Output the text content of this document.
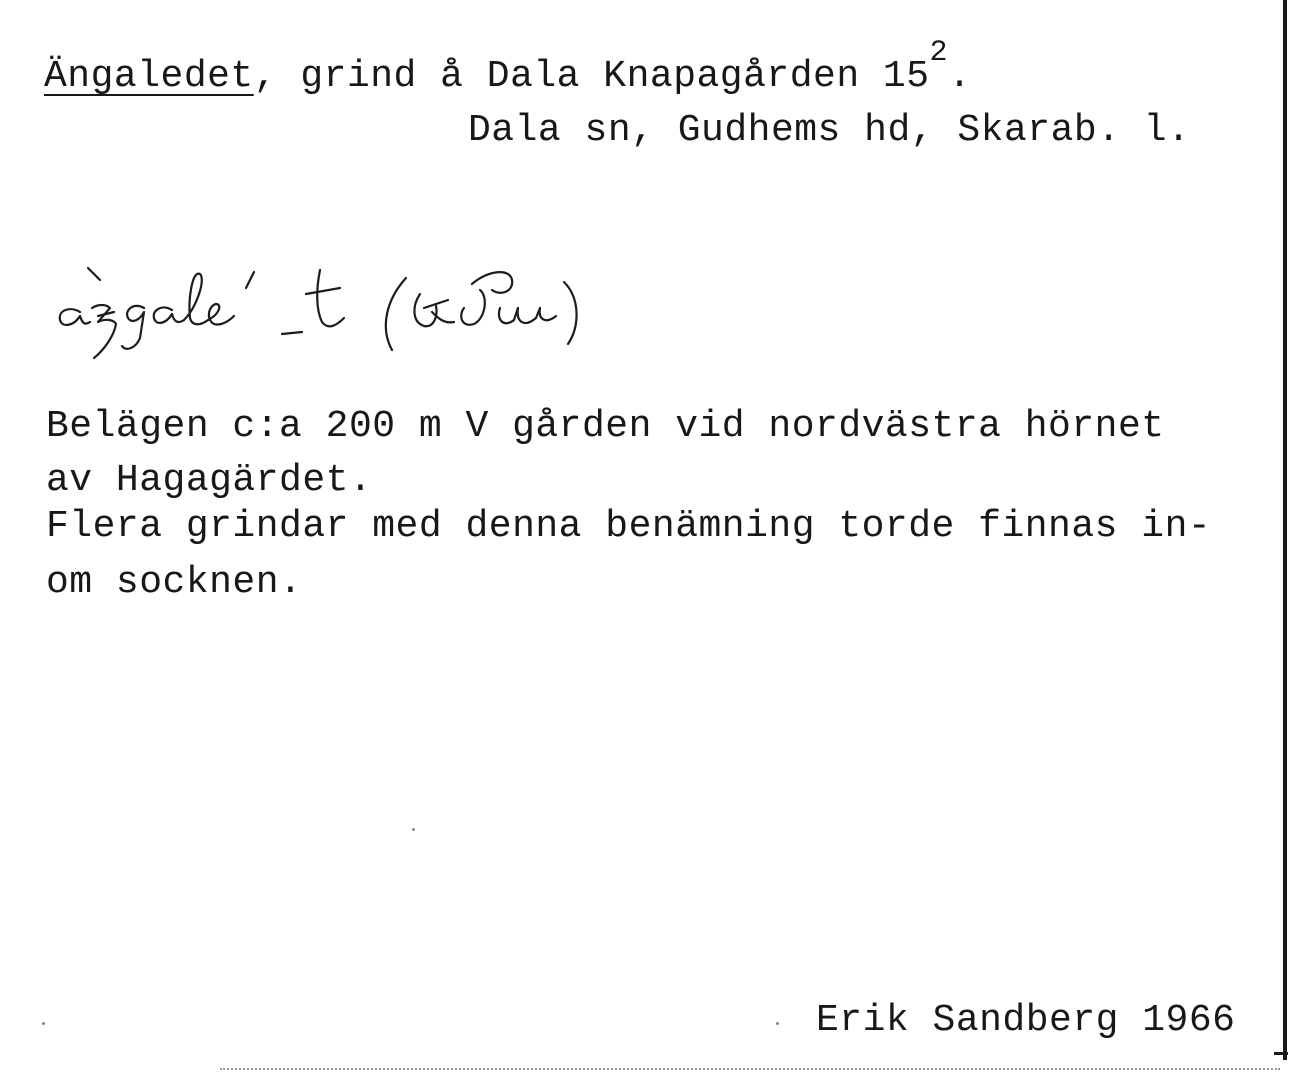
Ängaledet, grind å Dala Knapagården $15^2$.
Dala sn, Gudhems hd, Skarab. l.
Belägen c:a 200 m V gården vid nordvästra hörnet
av Hagagärdet.
Flera grindar med denna benämning torde finnas in-
om socknen.
Erik Sandberg 1966
